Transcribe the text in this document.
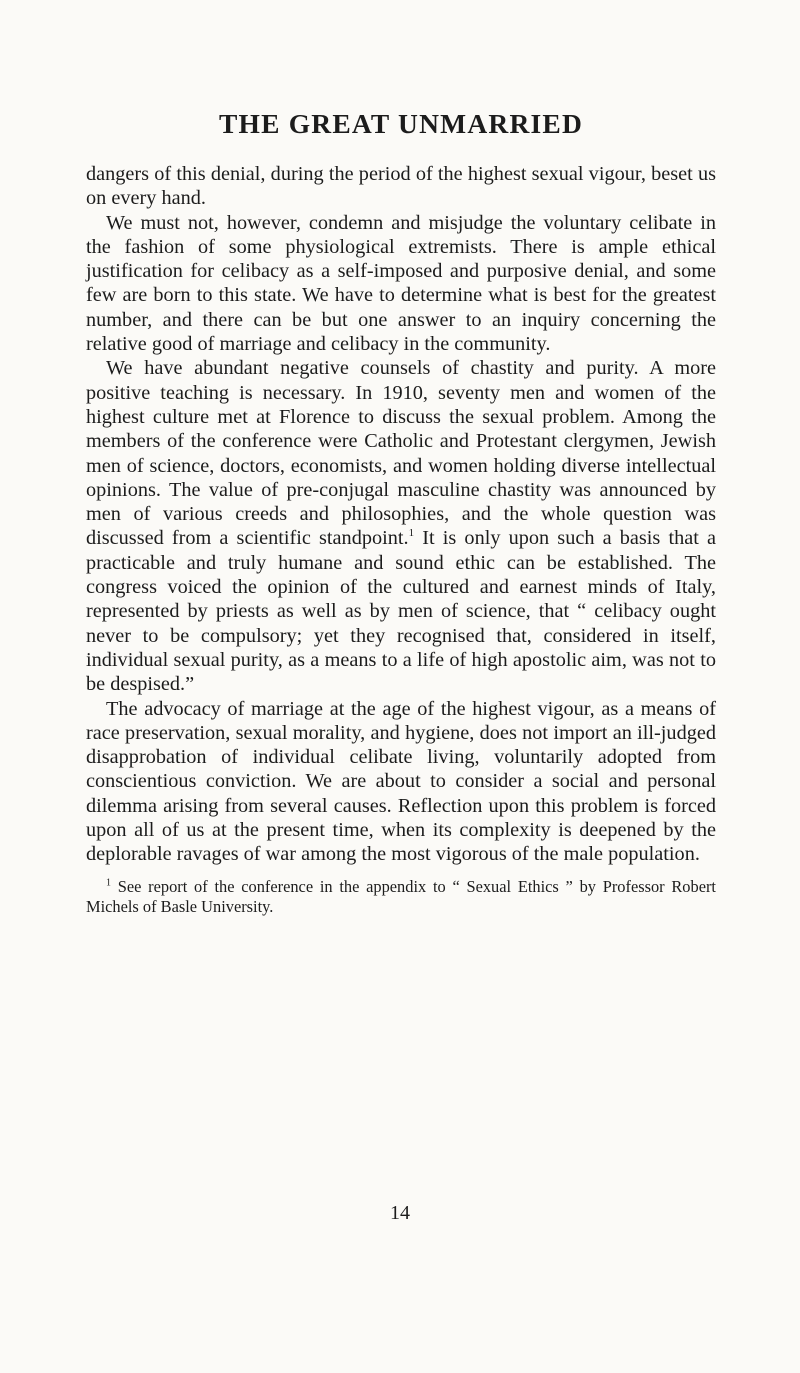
THE GREAT UNMARRIED

dangers of this denial, during the period of the highest sexual vigour, beset us on every hand.

We must not, however, condemn and misjudge the voluntary celibate in the fashion of some physiological extremists. There is ample ethical justification for celibacy as a self-imposed and purposive denial, and some few are born to this state. We have to determine what is best for the greatest number, and there can be but one answer to an inquiry concerning the relative good of marriage and celibacy in the community.

We have abundant negative counsels of chastity and purity. A more positive teaching is necessary. In 1910, seventy men and women of the highest culture met at Florence to discuss the sexual problem. Among the members of the conference were Catholic and Protestant clergymen, Jewish men of science, doctors, economists, and women holding diverse intellectual opinions. The value of pre-conjugal masculine chastity was announced by men of various creeds and philosophies, and the whole question was discussed from a scientific standpoint.$^1$ It is only upon such a basis that a practicable and truly humane and sound ethic can be established. The congress voiced the opinion of the cultured and earnest minds of Italy, represented by priests as well as by men of science, that “ celibacy ought never to be compulsory; yet they recognised that, considered in itself, individual sexual purity, as a means to a life of high apostolic aim, was not to be despised.”

The advocacy of marriage at the age of the highest vigour, as a means of race preservation, sexual morality, and hygiene, does not import an ill-judged disapprobation of individual celibate living, voluntarily adopted from conscientious conviction. We are about to consider a social and personal dilemma arising from several causes. Reflection upon this problem is forced upon all of us at the present time, when its complexity is deepened by the deplorable ravages of war among the most vigorous of the male population.

$^1$ See report of the conference in the appendix to “ Sexual Ethics ” by Professor Robert Michels of Basle University.

14
